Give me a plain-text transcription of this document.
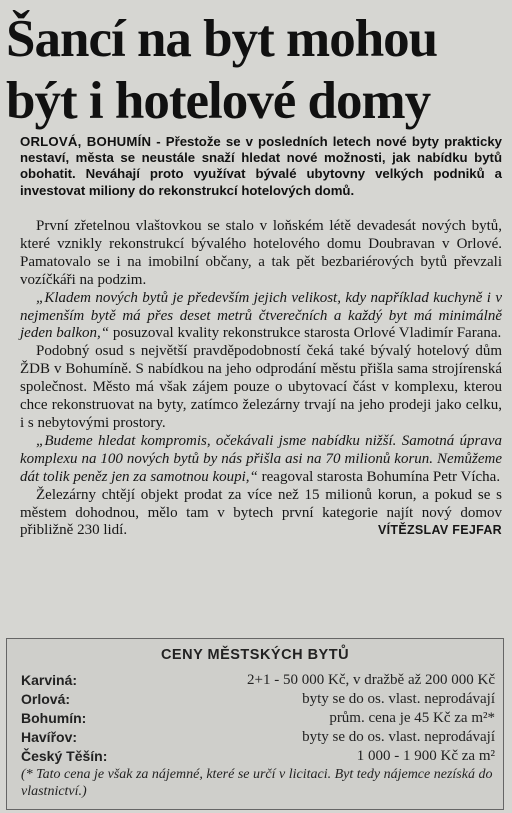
Šancí na byt mohou
být i hotelové domy
ORLOVÁ, BOHUMÍN - Přestože se v posledních letech nové byty prakticky nestaví, města se neustále snaží hledat nové možnosti, jak nabídku bytů obohatit. Neváhají proto využívat bývalé ubytovny velkých podniků a investovat miliony do rekonstrukcí hotelových domů.

První zřetelnou vlaštovkou se stalo v loňském létě devadesát nových bytů, které vznikly rekonstrukcí bývalého hotelového domu Doubravan v Orlové. Pamatovalo se i na imobilní občany, a tak pět bezbariérových bytů převzali vozíčkáři na podzim.

„Kladem nových bytů je především jejich velikost, kdy například kuchyně i v nejmenším bytě má přes deset metrů čtverečních a každý byt má minimálně jeden balkon,“ posuzoval kvality rekonstrukce starosta Orlové Vladimír Farana.

Podobný osud s největší pravděpodobností čeká také bývalý hotelový dům ŽDB v Bohumíně. S nabídkou na jeho odprodání městu přišla sama strojírenská společnost. Město má však zájem pouze o ubytovací část v komplexu, kterou chce rekonstruovat na byty, zatímco železárny trvají na jeho prodeji jako celku, i s nebytovými prostory.

„Budeme hledat kompromis, očekávali jsme nabídku nižší. Samotná úprava komplexu na 100 nových bytů by nás přišla asi na 70 milionů korun. Nemůžeme dát tolik peněz jen za samotnou koupi,“ reagoval starosta Bohumína Petr Vícha.

Železárny chtějí objekt prodat za více než 15 milionů korun, a pokud se s městem dohodnou, mělo tam v bytech první kategorie najít nový domov přibližně 230 lidí.	VÍTĚZSLAV FEJFAR
CENY MĚSTSKÝCH BYTŮ
Karviná:	2+1 - 50 000 Kč, v dražbě až 200 000 Kč
Orlová:	byty se do os. vlast. neprodávají
Bohumín:	prům. cena je 45 Kč za m²*
Havířov:	byty se do os. vlast. neprodávají
Český Těšín:	1 000 - 1 900 Kč za m²
(* Tato cena je však za nájemné, které se určí v licitaci. Byt tedy nájemce nezíská do vlastnictví.)
